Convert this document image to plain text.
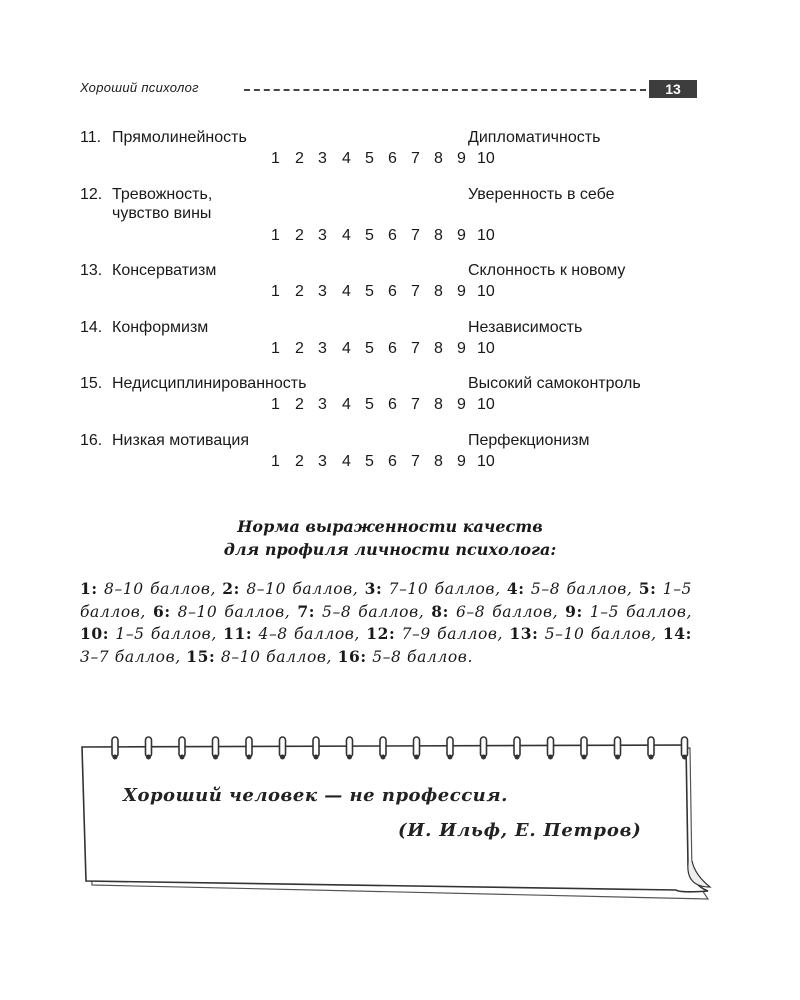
Хороший психолог	13
11. Прямолинейность	Дипломатичность
1 2 3 4 5 6 7 8 9 10
12. Тревожность,	Уверенность в себе
чувство вины
1 2 3 4 5 6 7 8 9 10
13. Консерватизм	Склонность к новому
1 2 3 4 5 6 7 8 9 10
14. Конформизм	Независимость
1 2 3 4 5 6 7 8 9 10
15. Недисциплинированность	Высокий самоконтроль
1 2 3 4 5 6 7 8 9 10
16. Низкая мотивация	Перфекционизм
1 2 3 4 5 6 7 8 9 10
Норма выраженности качеств
для профиля личности психолога:
1: 8–10 баллов, 2: 8–10 баллов, 3: 7–10 баллов, 4: 5–8 баллов, 5: 1–5 баллов, 6: 8–10 баллов, 7: 5–8 баллов, 8: 6–8 баллов, 9: 1–5 баллов, 10: 1–5 баллов, 11: 4–8 баллов, 12: 7–9 баллов, 13: 5–10 баллов, 14: 3–7 баллов, 15: 8–10 баллов, 16: 5–8 баллов.
Хороший человек — не профессия.
(И. Ильф, Е. Петров)
